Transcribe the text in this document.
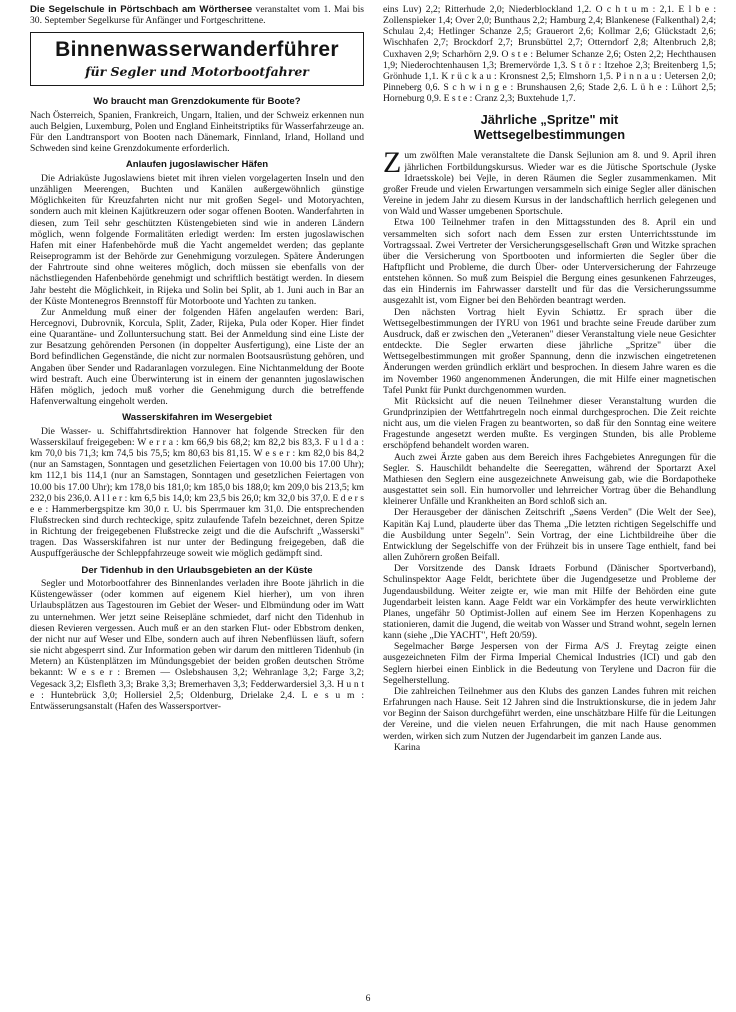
Die Segelschule in Pörtschbach am Wörthersee veranstaltet vom 1. Mai bis 30. September Segelkurse für Anfänger und Fortgeschrittene.

Binnenwasserwanderführer
für Segler und Motorbootfahrer
Wo braucht man Grenzdokumente für Boote?

Nach Österreich, Spanien, Frankreich, Ungarn, Italien, und der Schweiz erkennen nun auch Belgien, Luxemburg, Polen und England Einheitstriptiks für Wasserfahrzeuge an. Für den Landtransport von Booten nach Dänemark, Finnland, Irland, Holland und Schweden sind keine Grenzdokumente erforderlich.

Anlaufen jugoslawischer Häfen

Die Adriaküste Jugoslawiens bietet mit ihren vielen vorgelagerten Inseln und den unzähligen Meerengen, Buchten und Kanälen außergewöhnlich günstige Möglichkeiten für Kreuzfahrten nicht nur mit großen Segel- und Motoryachten, sondern auch mit kleinen Kajütkreuzern oder sogar offenen Booten. Wanderfahrten in diesen, zum Teil sehr geschützten Küstengebieten sind wie in anderen Ländern möglich, wenn folgende Formalitäten erledigt werden: Im ersten jugoslawischen Hafen mit einer Hafenbehörde muß die Yacht angemeldet werden; das geplante Reiseprogramm ist der Behörde zur Genehmigung vorzulegen. Spätere Änderungen der Fahrtroute sind ohne weiteres möglich, doch müssen sie ebenfalls von der nächstliegenden Hafenbehörde genehmigt und schriftlich bestätigt werden. In diesem Jahr besteht die Möglichkeit, in Rijeka und Solin bei Split, ab 1. Juni auch in Bar an der Küste Montenegros Brennstoff für Motorboote und Yachten zu tanken.

Zur Anmeldung muß einer der folgenden Häfen angelaufen werden: Bari, Hercegnovi, Dubrovnik, Korcula, Split, Zader, Rijeka, Pula oder Koper. Hier findet eine Quarantäne- und Zolluntersuchung statt. Bei der Anmeldung sind eine Liste der zur Besatzung gehörenden Personen (in doppelter Ausfertigung), eine Liste der an Bord befindlichen Gegenstände, die nicht zur normalen Bootsausrüstung gehören, und Angaben über Sender und Radaranlagen vorzulegen. Eine Nichtanmeldung der Boote wird bestraft. Auch eine Überwinterung ist in einem der genannten jugoslawischen Häfen möglich, jedoch muß vorher die Genehmigung durch die betreffende Hafenverwaltung eingeholt werden.

Wasserskifahren im Wesergebiet

Die Wasser- u. Schiffahrtsdirektion Hannover hat folgende Strecken für den Wasserskilauf freigegeben: W e r r a : km 66,9 bis 68,2; km 82,2 bis 83,3. F u l d a : km 70,0 bis 71,3; km 74,5 bis 75,5; km 80,63 bis 81,15. W e s e r : km 82,0 bis 84,2 (nur an Samstagen, Sonntagen und gesetzlichen Feiertagen von 10.00 bis 17.00 Uhr); km 112,1 bis 114,1 (nur an Samstagen, Sonntagen und gesetzlichen Feiertagen von 10.00 bis 17.00 Uhr); km 178,0 bis 181,0; km 185,0 bis 188,0; km 209,0 bis 213,5; km 232,0 bis 236,0. A l l e r : km 6,5 bis 14,0; km 23,5 bis 26,0; km 32,0 bis 37,0. E d e r s e e : Hammerbergspitze km 30,0 r. U. bis Sperrmauer km 31,0. Die entsprechenden Flußstrecken sind durch rechteckige, spitz zulaufende Tafeln bezeichnet, deren Spitze in Richtung der freigegebenen Flußstrecke zeigt und die die Aufschrift „Wasserski" tragen. Das Wasserskifahren ist nur unter der Bedingung freigegeben, daß die Auspuffgeräusche der Schleppfahrzeuge soweit wie möglich gedämpft sind.

Der Tidenhub in den Urlaubsgebieten an der Küste

Segler und Motorbootfahrer des Binnenlandes verladen ihre Boote jährlich in die Küstengewässer (oder kommen auf eigenem Kiel hierher), um von ihren Urlaubsplätzen aus Tagestouren im Gebiet der Weser- und Elbmündung oder im Watt zu unternehmen. Wer jetzt seine Reisepläne schmiedet, darf nicht den Tidenhub in diesen Revieren vergessen. Auch muß er an den starken Flut- oder Ebbstrom denken, der nicht nur auf Weser und Elbe, sondern auch auf ihren Nebenflüssen läuft, sofern sie nicht abgesperrt sind. Zur Information geben wir darum den mittleren Tidenhub (in Metern) an Küstenplätzen im Mündungsgebiet der beiden großen deutschen Ströme bekannt: W e s e r : Bremen — Oslebshausen 3,2; Wehranlage 3,2; Farge 3,2; Vegesack 3,2; Elsfleth 3,3; Brake 3,3; Bremerhaven 3,3; Fedderwardersiel 3,3. H u n t e : Huntebrück 3,0; Hollersiel 2,5; Oldenburg, Drielake 2,4. L e s u m : Entwässerungsanstalt (Hafen des Wassersportver-

eins Luv) 2,2; Ritterhude 2,0; Niederblockland 1,2. O c h t u m : 2,1. E l b e : Zollenspieker 1,4; Over 2,0; Bunthaus 2,2; Hamburg 2,4; Blankenese (Falkenthal) 2,4; Schulau 2,4; Hetlinger Schanze 2,5; Grauerort 2,6; Kollmar 2,6; Glückstadt 2,6; Wischhafen 2,7; Brockdorf 2,7; Brunsbüttel 2,7; Otterndorf 2,8; Altenbruch 2,8; Cuxhaven 2,9; Scharhörn 2,9. O s t e : Belumer Schanze 2,6; Osten 2,2; Hechthausen 1,9; Niederochtenhausen 1,3; Bremervörde 1,3. S t ö r : Itzehoe 2,3; Breitenberg 1,5; Grönhude 1,1. K r ü c k a u : Kronsnest 2,5; Elmshorn 1,5. P i n n a u : Uetersen 2,0; Pinneberg 0,6. S c h w i n g e : Brunshausen 2,6; Stade 2,6. L ü h e : Lühort 2,5; Horneburg 0,9. E s t e : Cranz 2,3; Buxtehude 1,7.

Jährliche „Spritze" mit
Wettsegelbestimmungen

Zum zwölften Male veranstaltete die Dansk Sejlunion am 8. und 9. April ihren jährlichen Fortbildungskursus. Wieder war es die Jütische Sportschule (Jyske Idraetsskole) bei Vejle, in deren Räumen die Segler zusammenkamen. Mit großer Freude und vielen Erwartungen versammeln sich einige Segler aller dänischen Vereine in jedem Jahr zu diesem Kursus in der landschaftlich herrlich gelegenen und von Wald und Wasser umgebenen Sportschule.

Etwa 100 Teilnehmer trafen in den Mittagsstunden des 8. April ein und versammelten sich sofort nach dem Essen zur ersten Unterrichtsstunde im Vortragssaal. Zwei Vertreter der Versicherungsgesellschaft Grøn und Witzke sprachen über die Versicherung von Sportbooten und informierten die Segler über die Haftpflicht und Probleme, die durch Über- oder Unterversicherung der Fahrzeuge entstehen können. So muß zum Beispiel die Bergung eines gesunkenen Fahrzeuges, das ein Hindernis im Fahrwasser darstellt und für das die Versicherungssumme ausgezahlt ist, vom Eigner bei den Behörden beantragt werden.

Den nächsten Vortrag hielt Eyvin Schiøttz. Er sprach über die Wettsegelbestimmungen der IYRU von 1961 und brachte seine Freude darüber zum Ausdruck, daß er zwischen den „Veteranen" dieser Veranstaltung viele neue Gesichter entdeckte. Die Segler erwarten diese jährliche „Spritze" über die Wettsegelbestimmungen mit großer Spannung, denn die inzwischen eingetretenen Änderungen werden gründlich erklärt und besprochen. In diesem Jahre waren es die im November 1960 angenommenen Änderungen, die mit Hilfe einer magnetischen Tafel Punkt für Punkt durchgenommen wurden.

Mit Rücksicht auf die neuen Teilnehmer dieser Veranstaltung wurden die Grundprinzipien der Wettfahrtregeln noch einmal durchgesprochen. Die Zeit reichte nicht aus, um die vielen Fragen zu beantworten, so daß für den Sonntag eine weitere Fragestunde angesetzt werden mußte. Es vergingen Stunden, bis alle Probleme erschöpfend behandelt worden waren.

Auch zwei Ärzte gaben aus dem Bereich ihres Fachgebietes Anregungen für die Segler. S. Hauschildt behandelte die Seeregatten, während der Sportarzt Axel Mathiesen den Seglern eine ausgezeichnete Anweisung gab, wie die Bordapotheke ausgestattet sein soll. Ein humorvoller und lehrreicher Vortrag über die Behandlung kleinerer Unfälle und Krankheiten an Bord schloß sich an.

Der Herausgeber der dänischen Zeitschrift „Søens Verden" (Die Welt der See), Kapitän Kaj Lund, plauderte über das Thema „Die letzten richtigen Segelschiffe und die Ausbildung unter Segeln". Sein Vortrag, der eine Lichtbildreihe über die Entwicklung der Segelschiffe von der Frühzeit bis in unsere Tage enthielt, fand bei allen Zuhörern großen Beifall.

Der Vorsitzende des Dansk Idraets Forbund (Dänischer Sportverband), Schulinspektor Aage Feldt, berichtete über die Jugendgesetze und Probleme der Jugendausbildung. Weiter zeigte er, wie man mit Hilfe der Behörden eine gute Jugendarbeit leisten kann. Aage Feldt war ein Vorkämpfer des heute verwirklichten Planes, ungefähr 50 Optimist-Jollen auf einem See im Herzen Kopenhagens zu stationieren, damit die Jugend, die weitab von Wasser und Strand wohnt, segeln lernen kann (siehe „Die YACHT", Heft 20/59).

Segelmacher Børge Jespersen von der Firma A/S J. Freytag zeigte einen ausgezeichneten Film der Firma Imperial Chemical Industries (ICI) und gab den Seglern hierbei einen Einblick in die Bedeutung von Terylene und Dacron für die Segelherstellung.

Die zahlreichen Teilnehmer aus den Klubs des ganzen Landes fuhren mit reichen Erfahrungen nach Hause. Seit 12 Jahren sind die Instruktionskurse, die in jedem Jahr vor Beginn der Saison durchgeführt werden, eine unschätzbare Hilfe für die Leitungen der Vereine, und die vielen neuen Erfahrungen, die mit nach Hause genommen werden, wirken sich zum Nutzen der Jugendarbeit im ganzen Lande aus.

Karina

6
